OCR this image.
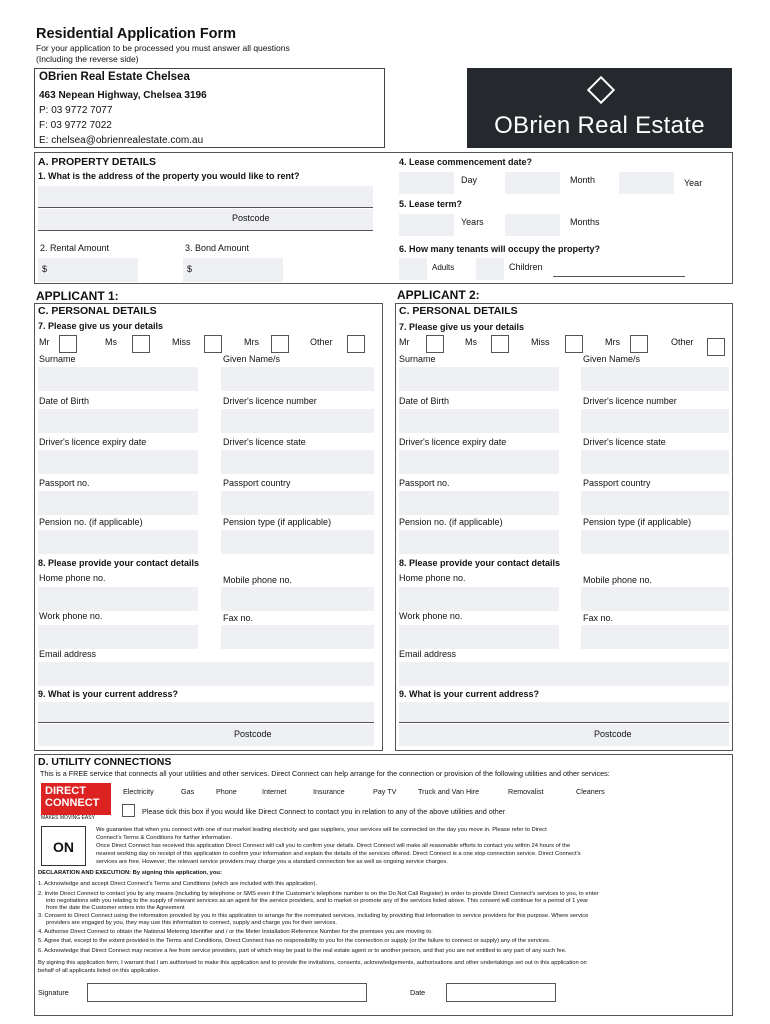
Residential Application Form
For your application to be processed you must answer all questions
(Including the reverse side)
OBrien Real Estate Chelsea
463 Nepean Highway, Chelsea 3196
P: 03 9772 7077
F: 03 9772 7022
E: chelsea@obrienrealestate.com.au
OBrien Real Estate
A. PROPERTY DETAILS
1. What is the address of the property you would like to rent?
Postcode
2. Rental Amount	3. Bond Amount
$	$
4. Lease commencement date?
Day	Month	Year
5. Lease term?
Years	Months
6. How many tenants will occupy the property?
Adults	Children
APPLICANT 1:	APPLICANT 2:
C. PERSONAL DETAILS
7. Please give us your details
Mr	Ms	Miss	Mrs	Other
Surname	Given Name/s
Date of Birth	Driver's licence number
Driver's licence expiry date	Driver's licence state
Passport no.	Passport country
Pension no. (if applicable)	Pension type (if applicable)
8. Please provide your contact details
Home phone no.	Mobile phone no.
Work phone no.	Fax no.
Email address
9. What is your current address?
Postcode
C. PERSONAL DETAILS
7. Please give us your details
Mr	Ms	Miss	Mrs	Other
Surname	Given Name/s
Date of Birth	Driver's licence number
Driver's licence expiry date	Driver's licence state
Passport no.	Passport country
Pension no. (if applicable)	Pension type (if applicable)
8. Please provide your contact details
Home phone no.	Mobile phone no.
Work phone no.	Fax no.
Email address
9. What is your current address?
Postcode
D. UTILITY CONNECTIONS
This is a FREE service that connects all your utilities and other services. Direct Connect can help arrange for the connection or provision of the following utilities and other services:
DIRECT CONNECT
MAKES MOVING EASY
ON
Electricity	Gas	Phone	Internet	Insurance	Pay TV	Truck and Van Hire	Removalist	Cleaners
Please tick this box if you would like Direct Connect to contact you in relation to any of the above utilities and other
We guarantee that when you connect with one of our market leading electricity and gas suppliers, your services will be connected on the day you move in. Please refer to Direct
Connect's Terms & Conditions for further information.
Once Direct Connect has received this application Direct Connect will call you to confirm your details. Direct Connect will make all reasonable efforts to contact you within 24 hours of the
nearest working day on receipt of this application to confirm your information and explain the details of the services offered. Direct Connect is a one stop connection service. Direct Connect's
services are free. However, the relevant service providers may charge you a standard connection fee as well as ongoing service charges.
DECLARATION AND EXECUTION: By signing this application, you:
1. Acknowledge and accept Direct Connect's Terms and Conditions (which are included with this application).
2. Invite Direct Connect to contact you by any means (including by telephone or SMS even if the Customer's telephone number is on the Do Not Call Register) in order to provide Direct Connect's services to you, to enter
into negotiations with you relating to the supply of relevant services as an agent for the service providers, and to market or promote any of the services listed above. This consent will continue for a period of 1 year
from the date the Customer enters into the Agreement
3. Consent to Direct Connect using the information provided by you in this application to arrange for the nominated services, including by providing that information to service providers for this purpose. Where service
providers are engaged by you, they may use this information to connect, supply and charge you for their services.
4. Authorise Direct Connect to obtain the National Metering Identifier and / or the Meter Installation Reference Number for the premises you are moving to.
5. Agree that, except to the extent provided in the Terms and Conditions, Direct Connect has no responsibility to you for the connection or supply (or the failure to connect or supply) any of the services.
6. Acknowledge that Direct Connect may receive a fee from service providers, part of which may be paid to the real estate agent or to another person, and that you are not entitled to any part of any such fee.
By signing this application form, I warrant that I am authorised to make this application and to provide the invitations, consents, acknowledgements, authorisations and other undertakings set out in this application on
behalf of all applicants listed on this application.
Signature	Date
